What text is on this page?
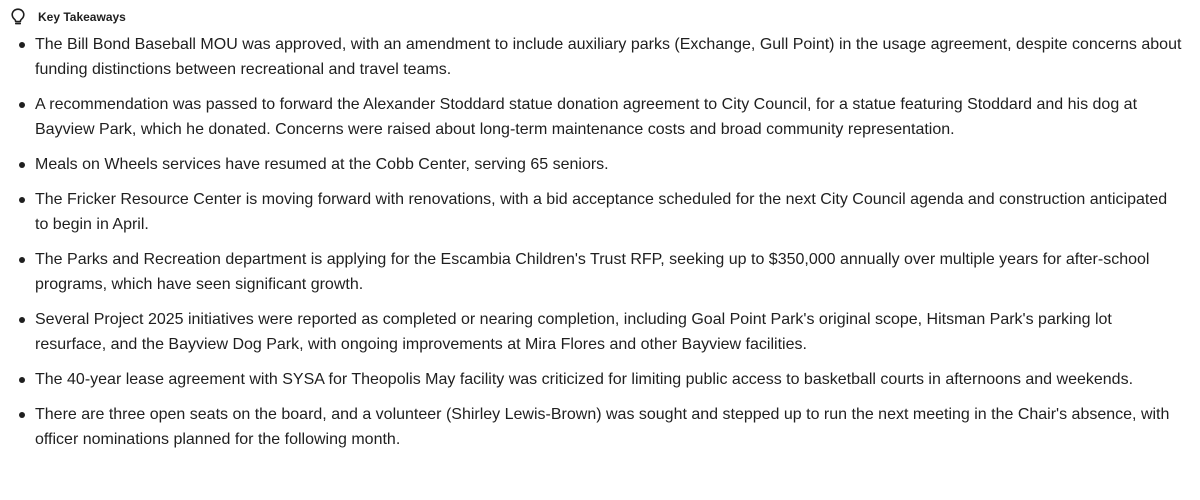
Key Takeaways
The Bill Bond Baseball MOU was approved, with an amendment to include auxiliary parks (Exchange, Gull Point) in the usage agreement, despite concerns about funding distinctions between recreational and travel teams.
A recommendation was passed to forward the Alexander Stoddard statue donation agreement to City Council, for a statue featuring Stoddard and his dog at Bayview Park, which he donated. Concerns were raised about long-term maintenance costs and broad community representation.
Meals on Wheels services have resumed at the Cobb Center, serving 65 seniors.
The Fricker Resource Center is moving forward with renovations, with a bid acceptance scheduled for the next City Council agenda and construction anticipated to begin in April.
The Parks and Recreation department is applying for the Escambia Children's Trust RFP, seeking up to $350,000 annually over multiple years for after-school programs, which have seen significant growth.
Several Project 2025 initiatives were reported as completed or nearing completion, including Goal Point Park's original scope, Hitsman Park's parking lot resurface, and the Bayview Dog Park, with ongoing improvements at Mira Flores and other Bayview facilities.
The 40-year lease agreement with SYSA for Theopolis May facility was criticized for limiting public access to basketball courts in afternoons and weekends.
There are three open seats on the board, and a volunteer (Shirley Lewis-Brown) was sought and stepped up to run the next meeting in the Chair's absence, with officer nominations planned for the following month.
